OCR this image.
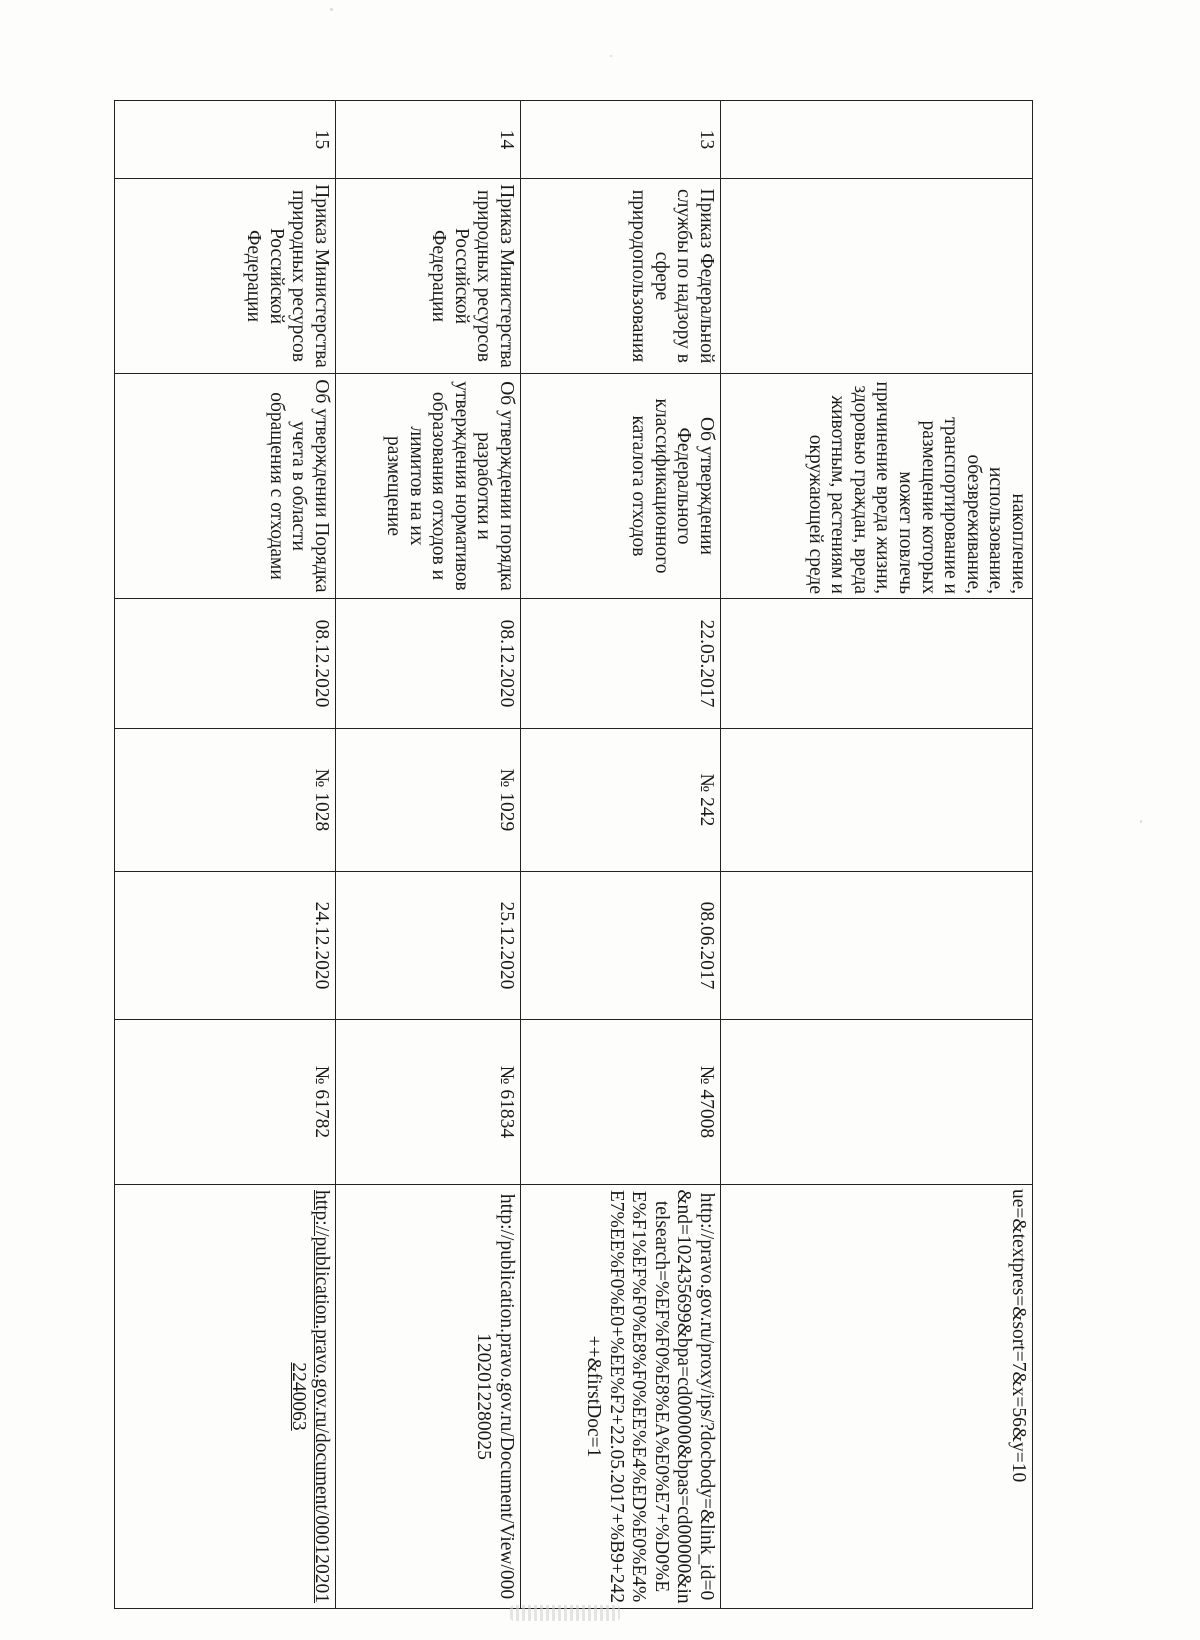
		накопление, использование, обезвреживание, транспортирование и размещение которых может повлечь причинение вреда жизни, здоровью граждан, вреда животным, растениям и окружающей среде					ue=&textpres=&sort=7&x=56&y=10
13	Приказ Федеральной службы по надзору в сфере природопользования	Об утверждении Федерального классификационного каталога отходов	22.05.2017	№ 242	08.06.2017	№ 47008	http://pravo.gov.ru/proxy/ips/?docbody=&link_id=0&nd=102435699&bpa=cd00000&bpas=cd00000&intelsearch=%EF%F0%E8%EA%E0%E7+%D0%EE%F1%EF%F0%E8%F0%EE%E4%ED%E0%E4%E7%EE%F0%E0+%EE%F2+22.05.2017+%B9+242++&firstDoc=1
14	Приказ Министерства природных ресурсов Российской Федерации	Об утверждении порядка разработки и утверждения нормативов образования отходов и лимитов на их размещение	08.12.2020	№ 1029	25.12.2020	№ 61834	http://publication.pravo.gov.ru/Document/View/0001202012280025
15	Приказ Министерства природных ресурсов Российской Федерации	Об утверждении Порядка учета в области обращения с отходами	08.12.2020	№ 1028	24.12.2020	№ 61782	http://publication.pravo.gov.ru/document/0001202012240063
